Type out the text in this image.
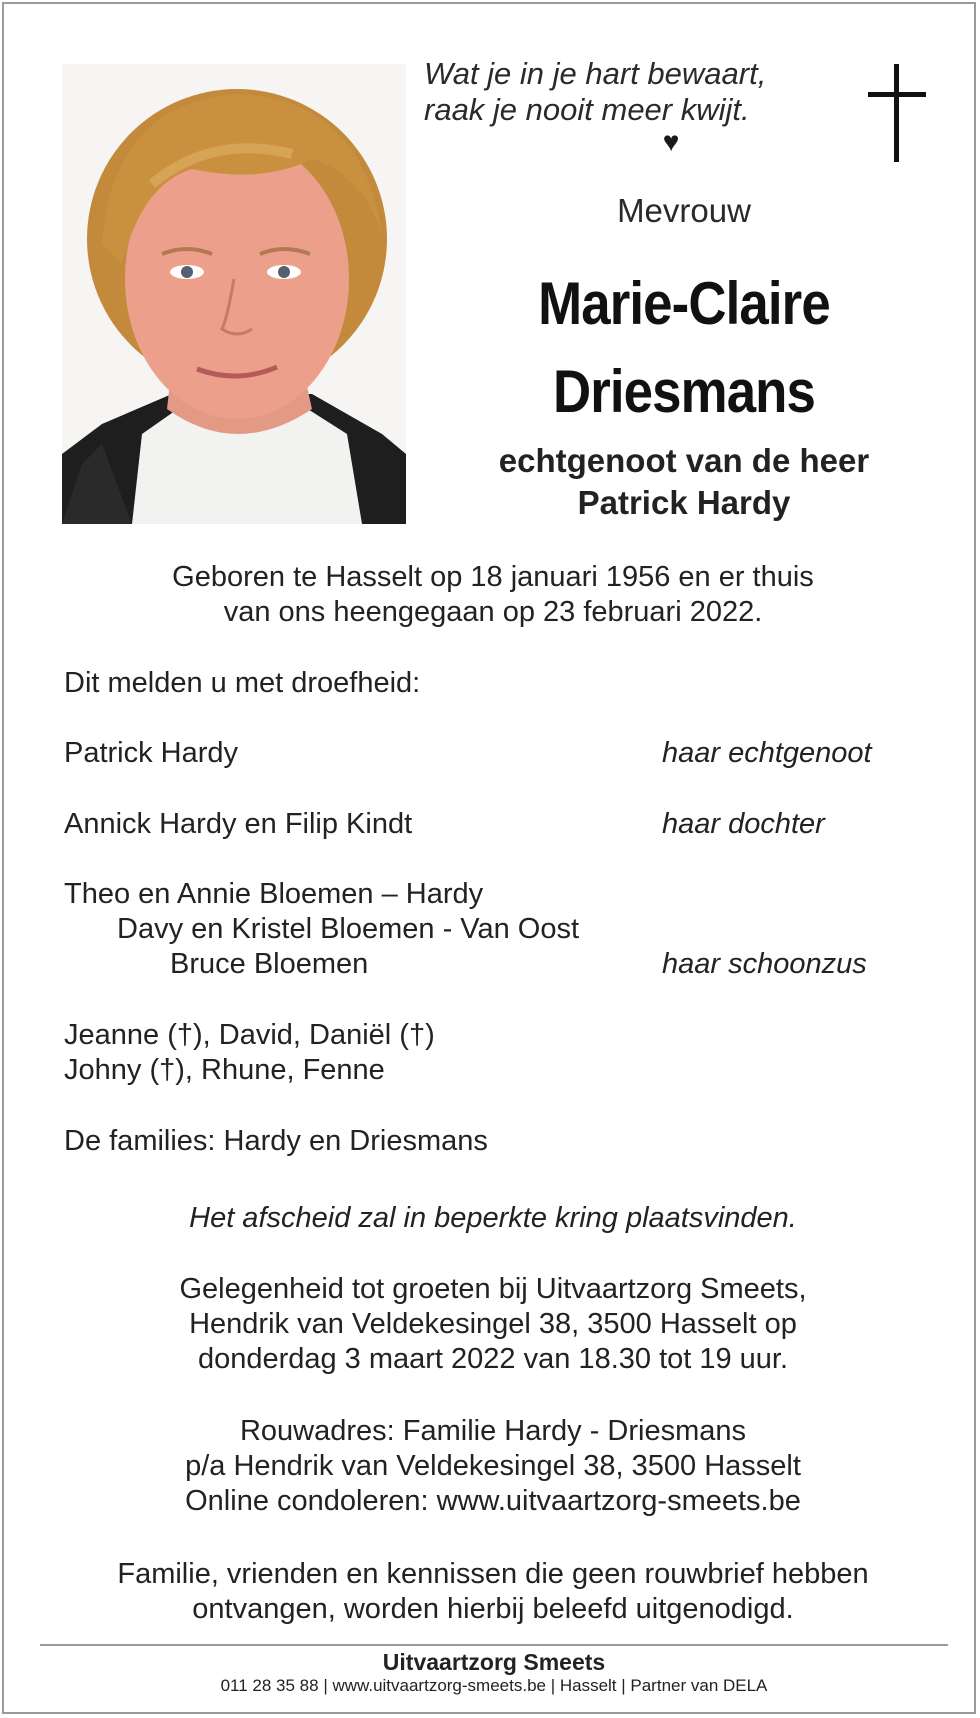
Wat je in je hart bewaart,
raak je nooit meer kwijt.
♥
Mevrouw
Marie-Claire
Driesmans
echtgenoot van de heer
Patrick Hardy
Geboren te Hasselt op 18 januari 1956 en er thuis
van ons heengegaan op 23 februari 2022.
Dit melden u met droefheid:
Patrick Hardy	haar echtgenoot
Annick Hardy en Filip Kindt	haar dochter
Theo en Annie Bloemen – Hardy
Davy en Kristel Bloemen - Van Oost
Bruce Bloemen	haar schoonzus
Jeanne (†), David, Daniël (†)
Johny (†), Rhune, Fenne
De families: Hardy en Driesmans
Het afscheid zal in beperkte kring plaatsvinden.
Gelegenheid tot groeten bij Uitvaartzorg Smeets,
Hendrik van Veldekesingel 38, 3500 Hasselt op
donderdag 3 maart 2022 van 18.30 tot 19 uur.
Rouwadres: Familie Hardy - Driesmans
p/a Hendrik van Veldekesingel 38, 3500 Hasselt
Online condoleren: www.uitvaartzorg-smeets.be
Familie, vrienden en kennissen die geen rouwbrief hebben
ontvangen, worden hierbij beleefd uitgenodigd.
Uitvaartzorg Smeets
011 28 35 88 | www.uitvaartzorg-smeets.be | Hasselt | Partner van DELA
